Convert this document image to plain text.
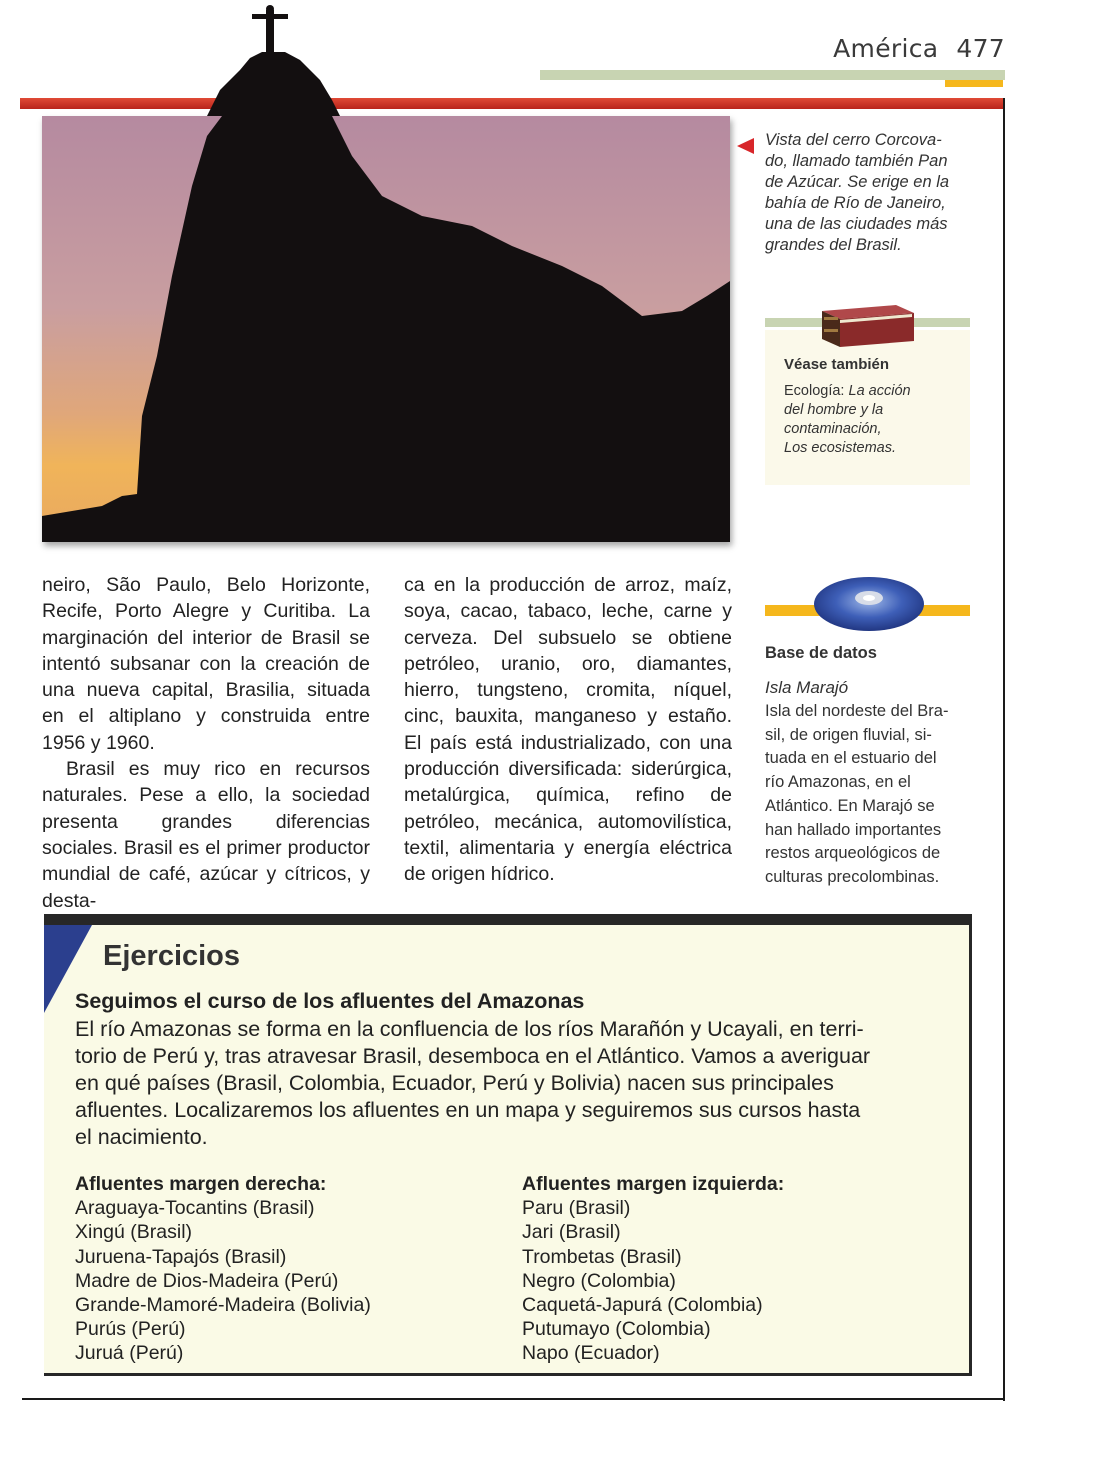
América 477
Vista del cerro Corcova-
do, llamado también Pan
de Azúcar. Se erige en la
bahía de Río de Janeiro,
una de las ciudades más
grandes del Brasil.
Véase también
Ecología: La acción
del hombre y la
contaminación,
Los ecosistemas.
Base de datos
Isla Marajó
Isla del nordeste del Bra-
sil, de origen fluvial, si-
tuada en el estuario del
río Amazonas, en el
Atlántico. En Marajó se
han hallado importantes
restos arqueológicos de
culturas precolombinas.

neiro, São Paulo, Belo Horizonte, Recife, Porto Alegre y Curitiba. La marginación del interior de Brasil se intentó subsanar con la creación de una nueva capital, Brasilia, situada en el altiplano y construida entre 1956 y 1960.

Brasil es muy rico en recursos naturales. Pese a ello, la sociedad presenta grandes diferencias sociales. Brasil es el primer productor mundial de café, azúcar y cítricos, y desta-

ca en la producción de arroz, maíz, soya, cacao, tabaco, leche, carne y cerveza. Del subsuelo se obtiene petróleo, uranio, oro, diamantes, hierro, tungsteno, cromita, níquel, cinc, bauxita, manganeso y estaño. El país está industrializado, con una producción diversificada: siderúrgica, metalúrgica, química, refino de petróleo, mecánica, automovilística, textil, alimentaria y energía eléctrica de origen hídrico.

Ejercicios
Seguimos el curso de los afluentes del Amazonas
El río Amazonas se forma en la confluencia de los ríos Marañón y Ucayali, en terri-
torio de Perú y, tras atravesar Brasil, desemboca en el Atlántico. Vamos a averiguar
en qué países (Brasil, Colombia, Ecuador, Perú y Bolivia) nacen sus principales
afluentes. Localizaremos los afluentes en un mapa y seguiremos sus cursos hasta
el nacimiento.
Afluentes margen derecha:
Araguaya-Tocantins (Brasil)
Xingú (Brasil)
Juruena-Tapajós (Brasil)
Madre de Dios-Madeira (Perú)
Grande-Mamoré-Madeira (Bolivia)
Purús (Perú)
Juruá (Perú)
Afluentes margen izquierda:
Paru (Brasil)
Jari (Brasil)
Trombetas (Brasil)
Negro (Colombia)
Caquetá-Japurá (Colombia)
Putumayo (Colombia)
Napo (Ecuador)
